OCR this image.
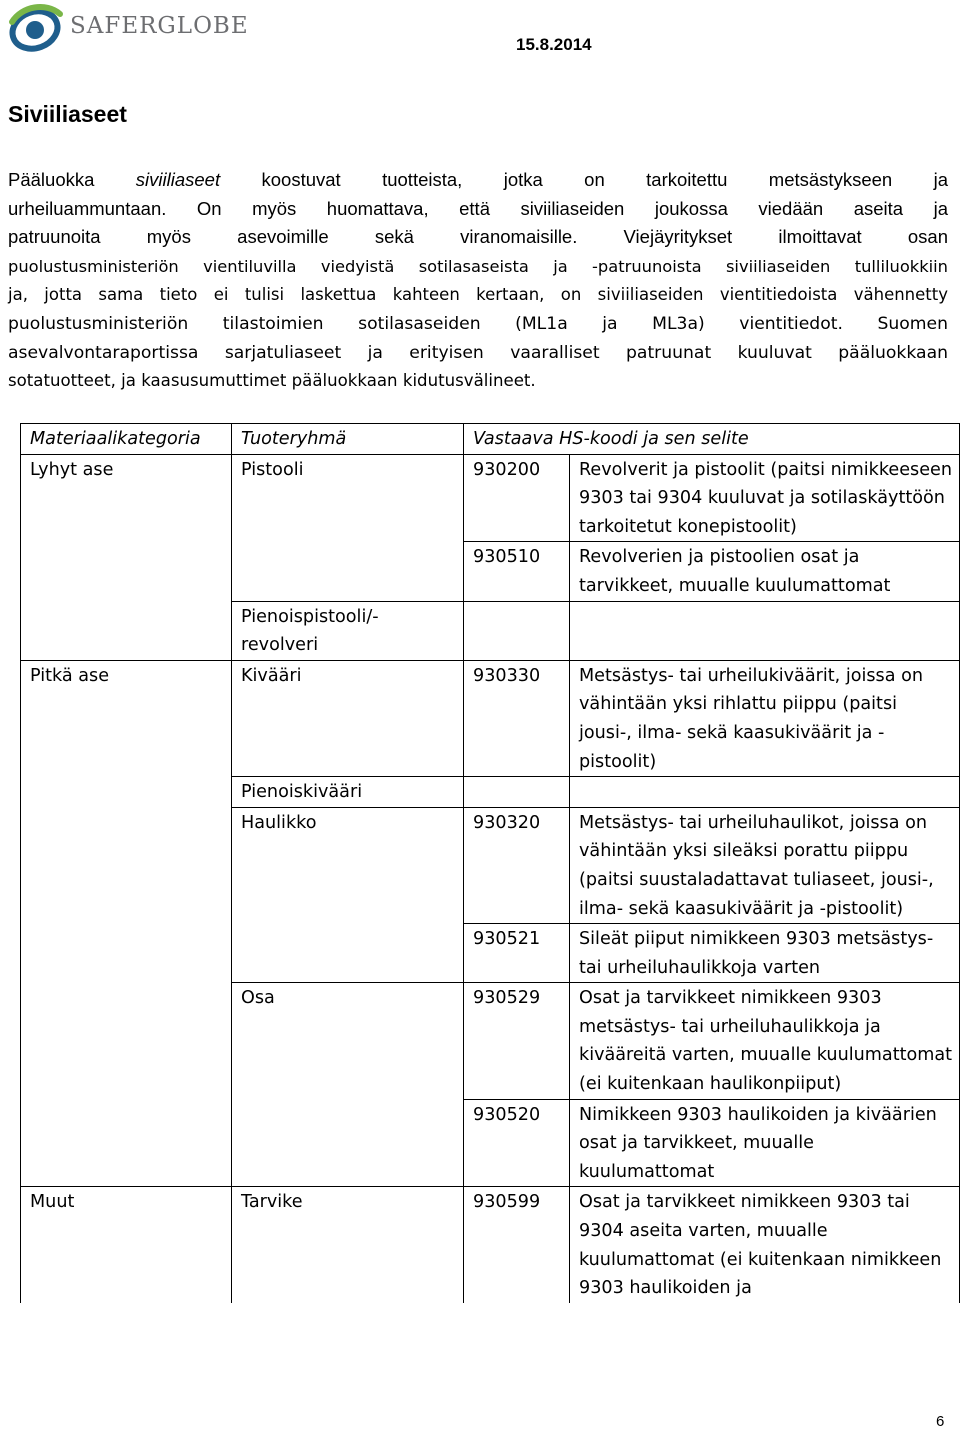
SAFERGLOBE
15.8.2014
Siviiliaseet
Pääluokka siviiliaseet koostuvat tuotteista, jotka on tarkoitettu metsästykseen ja
urheiluammuntaan. On myös huomattava, että siviiliaseiden joukossa viedään aseita ja
patruunoita myös asevoimille sekä viranomaisille. Viejäyritykset ilmoittavat osan
puolustusministeriön vientiluvilla viedyistä sotilasaseista ja -patruunoista siviiliaseiden tulliluokkiin
ja, jotta sama tieto ei tulisi laskettua kahteen kertaan, on siviiliaseiden vientitiedoista vähennetty
puolustusministeriön tilastoimien sotilasaseiden (ML1a ja ML3a) vientitiedot. Suomen
asevalvontaraportissa sarjatuliaseet ja erityisen vaaralliset patruunat kuuluvat pääluokkaan
sotatuotteet, ja kaasusumuttimet pääluokkaan kidutusvälineet.
Materiaalikategoria	Tuoteryhmä	Vastaava HS-koodi ja sen selite	
Lyhyt ase	Pistooli	930200	Revolverit ja pistoolit (paitsi nimikkeeseen 9303 tai 9304 kuuluvat ja sotilaskäyttöön tarkoitetut konepistoolit)
		930510	Revolverien ja pistoolien osat ja tarvikkeet, muualle kuulumattomat
	Pienoispistooli/-revolveri		
Pitkä ase	Kivääri	930330	Metsästys- tai urheilukiväärit, joissa on vähintään yksi rihlattu piippu (paitsi jousi-, ilma- sekä kaasukiväärit ja -pistoolit)
	Pienoiskivääri		
	Haulikko	930320	Metsästys- tai urheiluhaulikot, joissa on vähintään yksi sileäksi porattu piippu (paitsi suustaladattavat tuliaseet, jousi-, ilma- sekä kaasukiväärit ja -pistoolit)
		930521	Sileät piiput nimikkeen 9303 metsästys- tai urheiluhaulikkoja varten
	Osa	930529	Osat ja tarvikkeet nimikkeen 9303 metsästys- tai urheiluhaulikkoja ja kivääreitä varten, muualle kuulumattomat (ei kuitenkaan haulikonpiiput)
		930520	Nimikkeen 9303 haulikoiden ja kiväärien osat ja tarvikkeet, muualle kuulumattomat
Muut	Tarvike	930599	Osat ja tarvikkeet nimikkeen 9303 tai 9304 aseita varten, muualle kuulumattomat (ei kuitenkaan nimikkeen 9303 haulikoiden ja
6
